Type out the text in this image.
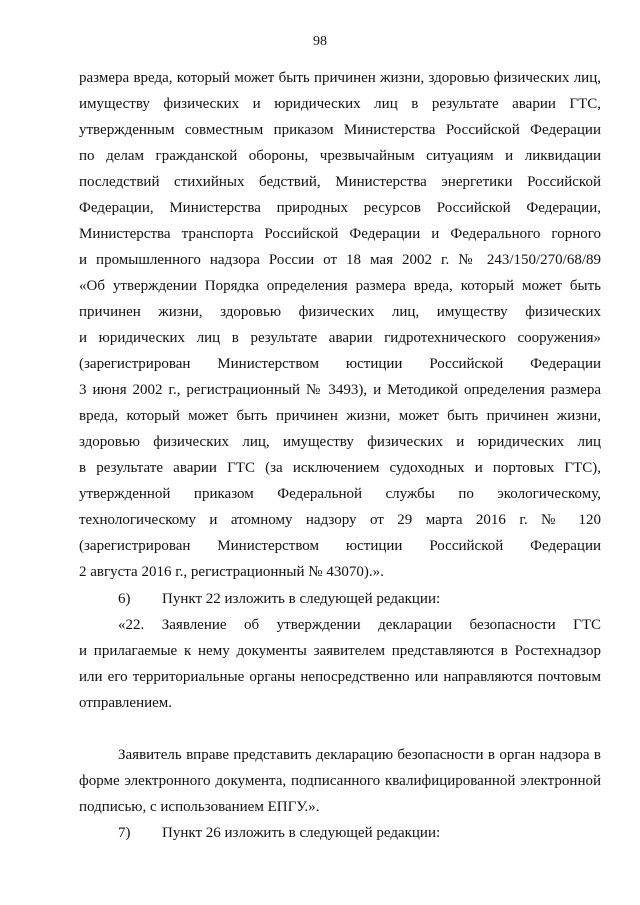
98

размера вреда, который может быть причинен жизни, здоровью физических лиц,

имуществу физических и юридических лиц в результате аварии ГТС,

утвержденным совместным приказом Министерства Российской Федерации

по делам гражданской обороны, чрезвычайным ситуациям и ликвидации

последствий стихийных бедствий, Министерства энергетики Российской

Федерации, Министерства природных ресурсов Российской Федерации,

Министерства транспорта Российской Федерации и Федерального горного

и промышленного надзора России от 18 мая 2002 г. № 243/150/270/68/89

«Об утверждении Порядка определения размера вреда, который может быть

причинен жизни, здоровью физических лиц, имуществу физических

и юридических лиц в результате аварии гидротехнического сооружения»

(зарегистрирован Министерством юстиции Российской Федерации

3 июня 2002 г., регистрационный № 3493), и Методикой определения размера

вреда, который может быть причинен жизни, может быть причинен жизни,

здоровью физических лиц, имуществу физических и юридических лиц

в результате аварии ГТС (за исключением судоходных и портовых ГТС),

утвержденной приказом Федеральной службы по экологическому,

технологическому и атомному надзору от 29 марта 2016 г. № 120

(зарегистрирован Министерством юстиции Российской Федерации

2 августа 2016 г., регистрационный № 43070).».

6) Пункт 22 изложить в следующей редакции:

«22. Заявление об утверждении декларации безопасности ГТС

и прилагаемые к нему документы заявителем представляются в Ростехнадзор

или его территориальные органы непосредственно или направляются почтовым

отправлением.

Заявитель вправе представить декларацию безопасности в орган надзора в

форме электронного документа, подписанного квалифицированной электронной

подписью, с использованием ЕПГУ.».

7) Пункт 26 изложить в следующей редакции:
